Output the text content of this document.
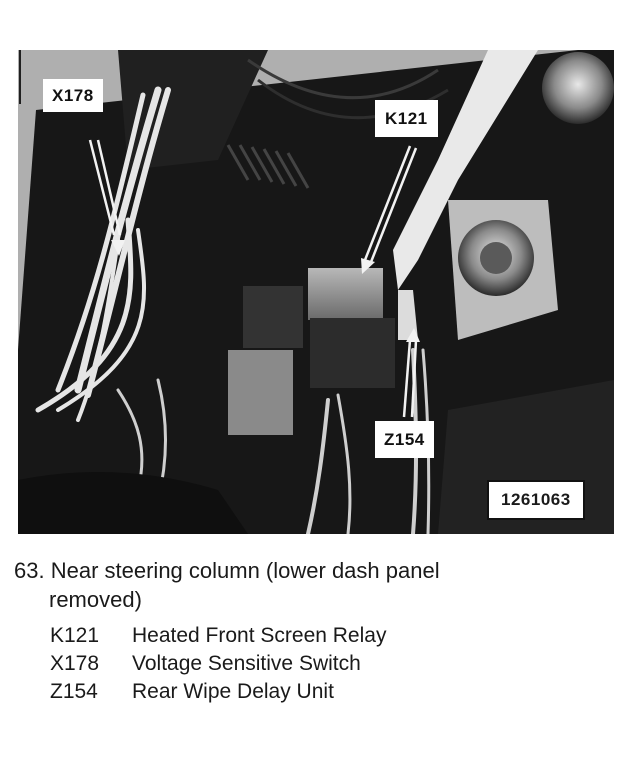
X178
K121
Z154
1261063
63. Near steering column (lower dash panel
removed)
K121	Heated Front Screen Relay
X178	Voltage Sensitive Switch
Z154	Rear Wipe Delay Unit
